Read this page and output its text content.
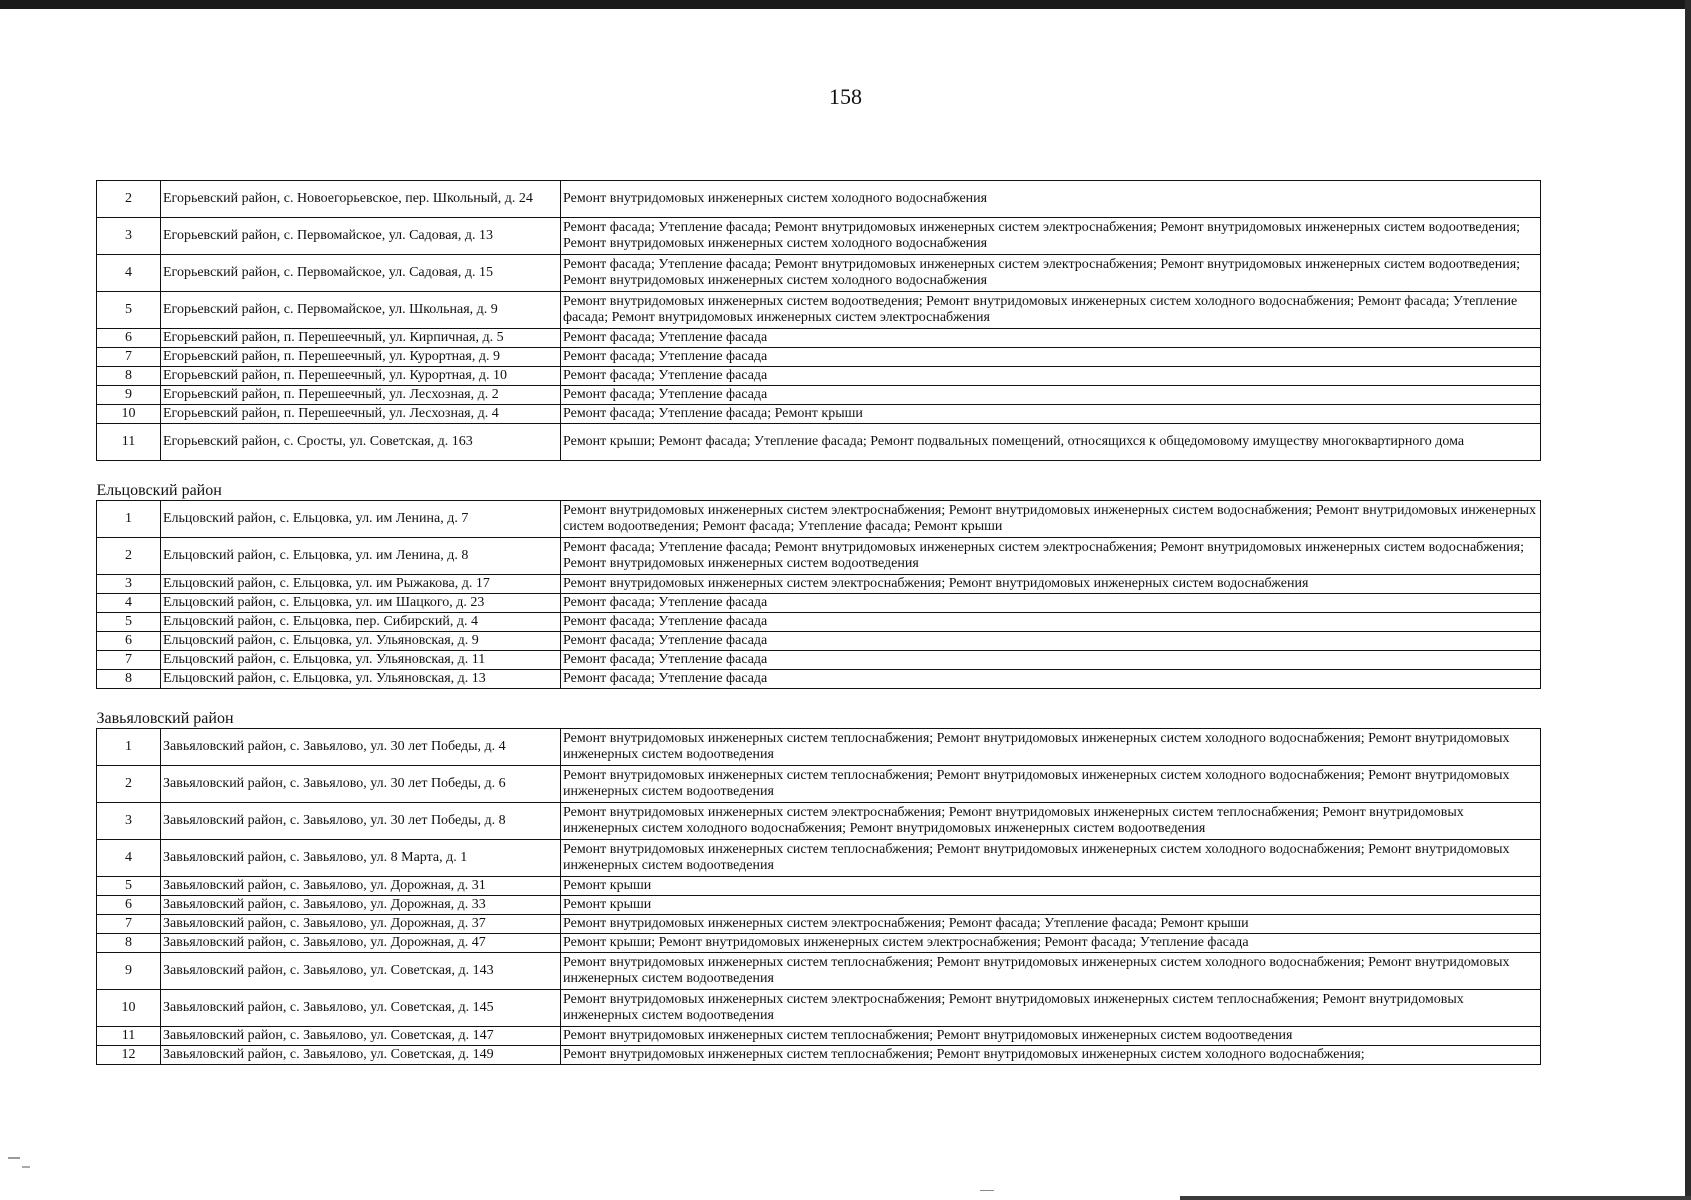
158
2	Егорьевский район, с. Новоегорьевское, пер. Школьный, д. 24	Ремонт внутридомовых инженерных систем холодного водоснабжения
3	Егорьевский район, с. Первомайское, ул. Садовая, д. 13	Ремонт фасада; Утепление фасада; Ремонт внутридомовых инженерных систем электроснабжения; Ремонт внутридомовых инженерных систем водоотведения; Ремонт внутридомовых инженерных систем холодного водоснабжения
4	Егорьевский район, с. Первомайское, ул. Садовая, д. 15	Ремонт фасада; Утепление фасада; Ремонт внутридомовых инженерных систем электроснабжения; Ремонт внутридомовых инженерных систем водоотведения; Ремонт внутридомовых инженерных систем холодного водоснабжения
5	Егорьевский район, с. Первомайское, ул. Школьная, д. 9	Ремонт внутридомовых инженерных систем водоотведения; Ремонт внутридомовых инженерных систем холодного водоснабжения; Ремонт фасада; Утепление фасада; Ремонт внутридомовых инженерных систем электроснабжения
6	Егорьевский район, п. Перешеечный, ул. Кирпичная, д. 5	Ремонт фасада; Утепление фасада
7	Егорьевский район, п. Перешеечный, ул. Курортная, д. 9	Ремонт фасада; Утепление фасада
8	Егорьевский район, п. Перешеечный, ул. Курортная, д. 10	Ремонт фасада; Утепление фасада
9	Егорьевский район, п. Перешеечный, ул. Лесхозная, д. 2	Ремонт фасада; Утепление фасада
10	Егорьевский район, п. Перешеечный, ул. Лесхозная, д. 4	Ремонт фасада; Утепление фасада; Ремонт крыши
11	Егорьевский район, с. Сросты, ул. Советская, д. 163	Ремонт крыши; Ремонт фасада; Утепление фасада; Ремонт подвальных помещений, относящихся к общедомовому имуществу многоквартирного дома
Ельцовский район		
1	Ельцовский район, с. Ельцовка, ул. им Ленина, д. 7	Ремонт внутридомовых инженерных систем электроснабжения; Ремонт внутридомовых инженерных систем водоснабжения; Ремонт внутридомовых инженерных систем водоотведения; Ремонт фасада; Утепление фасада; Ремонт крыши
2	Ельцовский район, с. Ельцовка, ул. им Ленина, д. 8	Ремонт фасада; Утепление фасада; Ремонт внутридомовых инженерных систем электроснабжения; Ремонт внутридомовых инженерных систем водоснабжения; Ремонт внутридомовых инженерных систем водоотведения
3	Ельцовский район, с. Ельцовка, ул. им Рыжакова, д. 17	Ремонт внутридомовых инженерных систем электроснабжения; Ремонт внутридомовых инженерных систем водоснабжения
4	Ельцовский район, с. Ельцовка, ул. им Шацкого, д. 23	Ремонт фасада; Утепление фасада
5	Ельцовский район, с. Ельцовка, пер. Сибирский, д. 4	Ремонт фасада; Утепление фасада
6	Ельцовский район, с. Ельцовка, ул. Ульяновская, д. 9	Ремонт фасада; Утепление фасада
7	Ельцовский район, с. Ельцовка, ул. Ульяновская, д. 11	Ремонт фасада; Утепление фасада
8	Ельцовский район, с. Ельцовка, ул. Ульяновская, д. 13	Ремонт фасада; Утепление фасада
Завьяловский район		
1	Завьяловский район, с. Завьялово, ул. 30 лет Победы, д. 4	Ремонт внутридомовых инженерных систем теплоснабжения; Ремонт внутридомовых инженерных систем холодного водоснабжения; Ремонт внутридомовых инженерных систем водоотведения
2	Завьяловский район, с. Завьялово, ул. 30 лет Победы, д. 6	Ремонт внутридомовых инженерных систем теплоснабжения; Ремонт внутридомовых инженерных систем холодного водоснабжения; Ремонт внутридомовых инженерных систем водоотведения
3	Завьяловский район, с. Завьялово, ул. 30 лет Победы, д. 8	Ремонт внутридомовых инженерных систем электроснабжения; Ремонт внутридомовых инженерных систем теплоснабжения; Ремонт внутридомовых инженерных систем холодного водоснабжения; Ремонт внутридомовых инженерных систем водоотведения
4	Завьяловский район, с. Завьялово, ул. 8 Марта, д. 1	Ремонт внутридомовых инженерных систем теплоснабжения; Ремонт внутридомовых инженерных систем холодного водоснабжения; Ремонт внутридомовых инженерных систем водоотведения
5	Завьяловский район, с. Завьялово, ул. Дорожная, д. 31	Ремонт крыши
6	Завьяловский район, с. Завьялово, ул. Дорожная, д. 33	Ремонт крыши
7	Завьяловский район, с. Завьялово, ул. Дорожная, д. 37	Ремонт внутридомовых инженерных систем электроснабжения; Ремонт фасада; Утепление фасада; Ремонт крыши
8	Завьяловский район, с. Завьялово, ул. Дорожная, д. 47	Ремонт крыши; Ремонт внутридомовых инженерных систем электроснабжения; Ремонт фасада; Утепление фасада
9	Завьяловский район, с. Завьялово, ул. Советская, д. 143	Ремонт внутридомовых инженерных систем теплоснабжения; Ремонт внутридомовых инженерных систем холодного водоснабжения; Ремонт внутридомовых инженерных систем водоотведения
10	Завьяловский район, с. Завьялово, ул. Советская, д. 145	Ремонт внутридомовых инженерных систем электроснабжения; Ремонт внутридомовых инженерных систем теплоснабжения; Ремонт внутридомовых инженерных систем водоотведения
11	Завьяловский район, с. Завьялово, ул. Советская, д. 147	Ремонт внутридомовых инженерных систем теплоснабжения; Ремонт внутридомовых инженерных систем водоотведения
12	Завьяловский район, с. Завьялово, ул. Советская, д. 149	Ремонт внутридомовых инженерных систем теплоснабжения; Ремонт внутридомовых инженерных систем холодного водоснабжения;
